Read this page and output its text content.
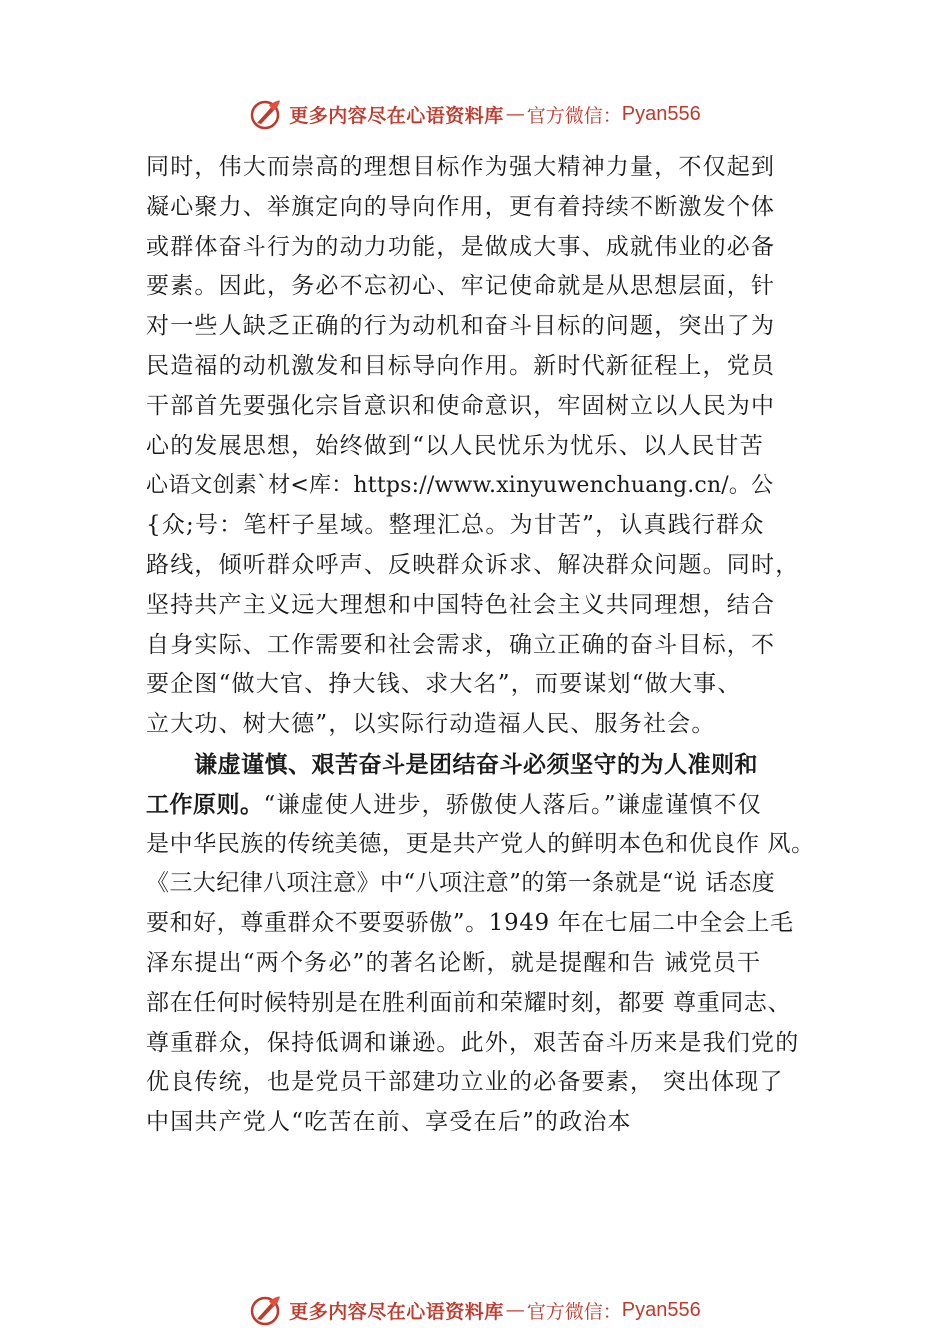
更多内容尽在心语资料库 — 官方微信： Pyan556
同时，伟大而崇高的理想目标作为强大精神力量，不仅起到
凝心聚力、举旗定向的导向作用，更有着持续不断激发个体
或群体奋斗行为的动力功能，是做成大事、成就伟业的必备
要素。因此，务必不忘初心、牢记使命就是从思想层面，针
对一些人缺乏正确的行为动机和奋斗目标的问题，突出了为
民造福的动机激发和目标导向作用。新时代新征程上，党员
干部首先要强化宗旨意识和使命意识，牢固树立以人民为中
心的发展思想，始终做到“以人民忧乐为忧乐、以人民甘苦
心语文创素`材<库：https://www.xinyuwenchuang.cn/。公
{众;号：笔杆子星域。整理汇总。为甘苦”，认真践行群众
路线，倾听群众呼声、反映群众诉求、解决群众问题。同时，
坚持共产主义远大理想和中国特色社会主义共同理想，结合
自身实际、工作需要和社会需求，确立正确的奋斗目标，不
要企图“做大官、挣大钱、求大名”，而要谋划“做大事、
立大功、树大德”，以实际行动造福人民、服务社会。
谦虚谨慎、艰苦奋斗是团结奋斗必须坚守的为人准则和
工作原则。“谦虚使人进步，骄傲使人落后。”谦虚谨慎不仅
是中华民族的传统美德，更是共产党人的鲜明本色和优良作 风。
《三大纪律八项注意》中“八项注意”的第一条就是“说 话态度
要和好，尊重群众不要耍骄傲”。1949 年在七届二中全会上毛
泽东提出“两个务必”的著名论断，就是提醒和告 诫党员干
部在任何时候特别是在胜利面前和荣耀时刻，都要 尊重同志、
尊重群众，保持低调和谦逊。此外，艰苦奋斗历来是我们党的
优良传统，也是党员干部建功立业的必备要素， 突出体现了
中国共产党人“吃苦在前、享受在后”的政治本
更多内容尽在心语资料库 — 官方微信： Pyan556
